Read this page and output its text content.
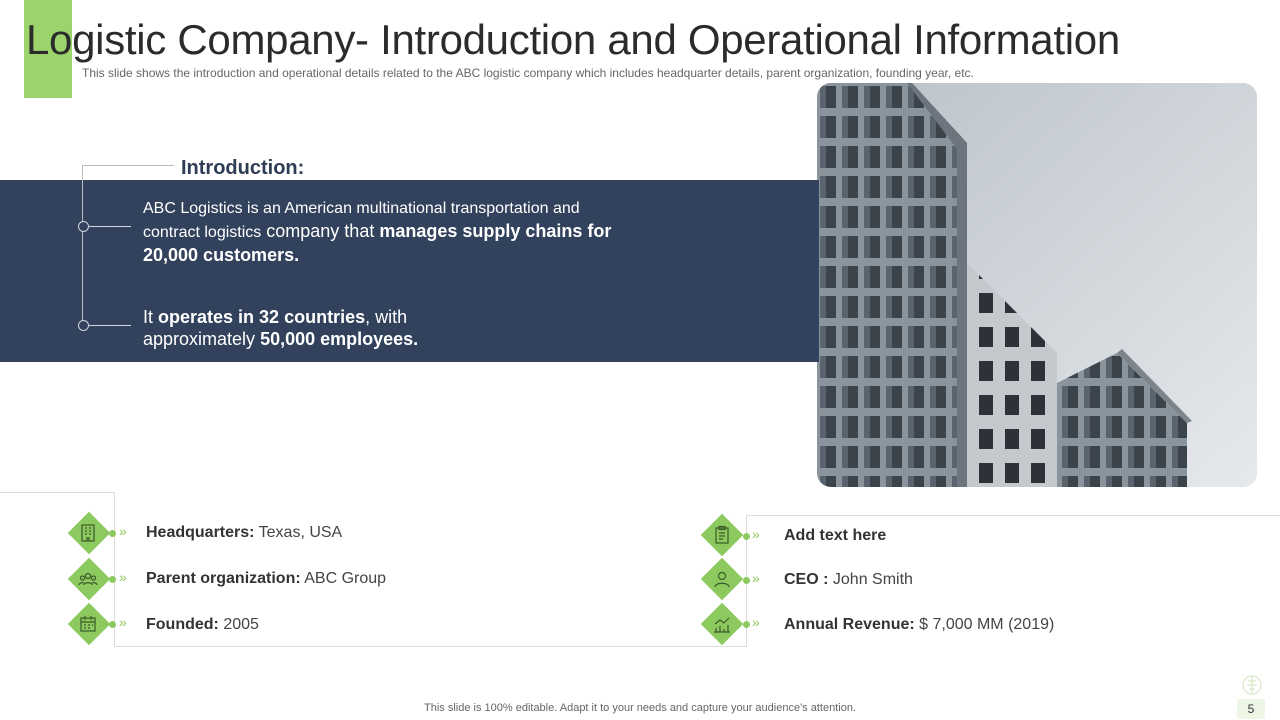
Logistic Company- Introduction and Operational Information
This slide shows the introduction and operational details related to the ABC logistic company which includes headquarter details, parent organization, founding year, etc.
Introduction:
ABC Logistics is an American multinational transportation and contract logistics company that manages supply chains for 20,000 customers.
It operates in 32 countries, with approximately 50,000 employees.
» Headquarters: Texas, USA
» Parent organization: ABC Group
» Founded: 2005
» Add text here
» CEO : John Smith
» Annual Revenue: $ 7,000 MM (2019)
This slide is 100% editable. Adapt it to your needs and capture your audience's attention.	5
